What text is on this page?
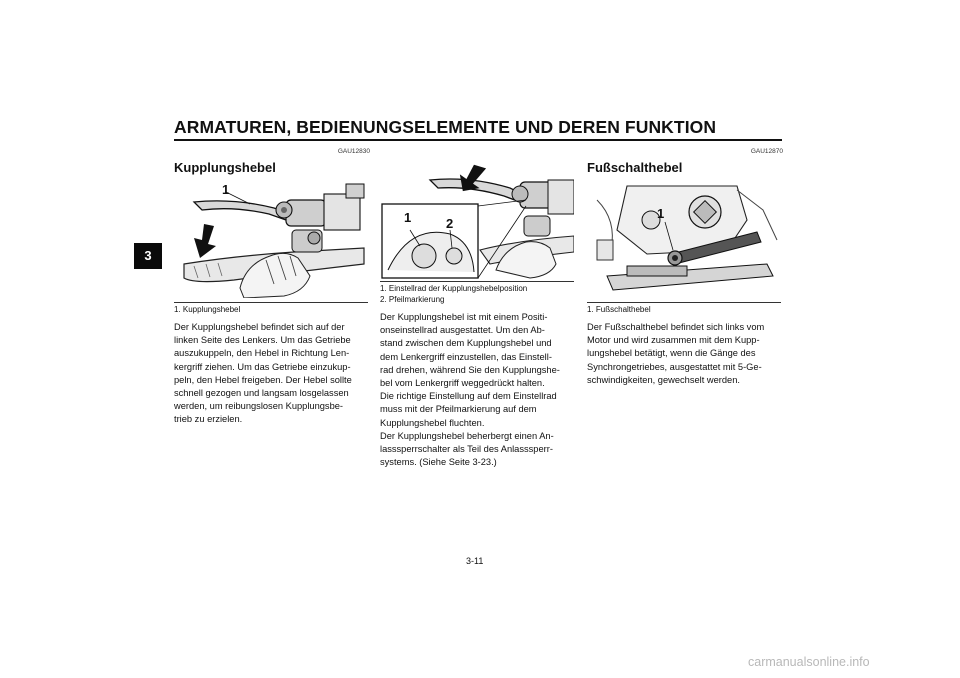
ARMATUREN, BEDIENUNGSELEMENTE UND DEREN FUNKTION
3
GAU12830
Kupplungshebel
1
1. Kupplungshebel

Der Kupplungshebel befindet sich auf der

linken Seite des Lenkers. Um das Getriebe

auszukuppeln, den Hebel in Richtung Len-

kergriff ziehen. Um das Getriebe einzukup-

peln, den Hebel freigeben. Der Hebel sollte

schnell gezogen und langsam losgelassen

werden, um reibungslosen Kupplungsbe-

trieb zu erzielen.

1	2
1. Einstellrad der Kupplungshebelposition
2. Pfeilmarkierung

Der Kupplungshebel ist mit einem Positi-

onseinstellrad ausgestattet. Um den Ab-

stand zwischen dem Kupplungshebel und

dem Lenkergriff einzustellen, das Einstell-

rad drehen, während Sie den Kupplungshe-

bel vom Lenkergriff weggedrückt halten.

Die richtige Einstellung auf dem Einstellrad

muss mit der Pfeilmarkierung auf dem

Kupplungshebel fluchten.

Der Kupplungshebel beherbergt einen An-

lasssperrschalter als Teil des Anlasssperr-

systems. (Siehe Seite 3-23.)

GAU12870
Fußschalthebel
1
1. Fußschalthebel

Der Fußschalthebel befindet sich links vom

Motor und wird zusammen mit dem Kupp-

lungshebel betätigt, wenn die Gänge des

Synchrongetriebes, ausgestattet mit 5-Ge-

schwindigkeiten, gewechselt werden.

3-11
carmanualsonline.info
